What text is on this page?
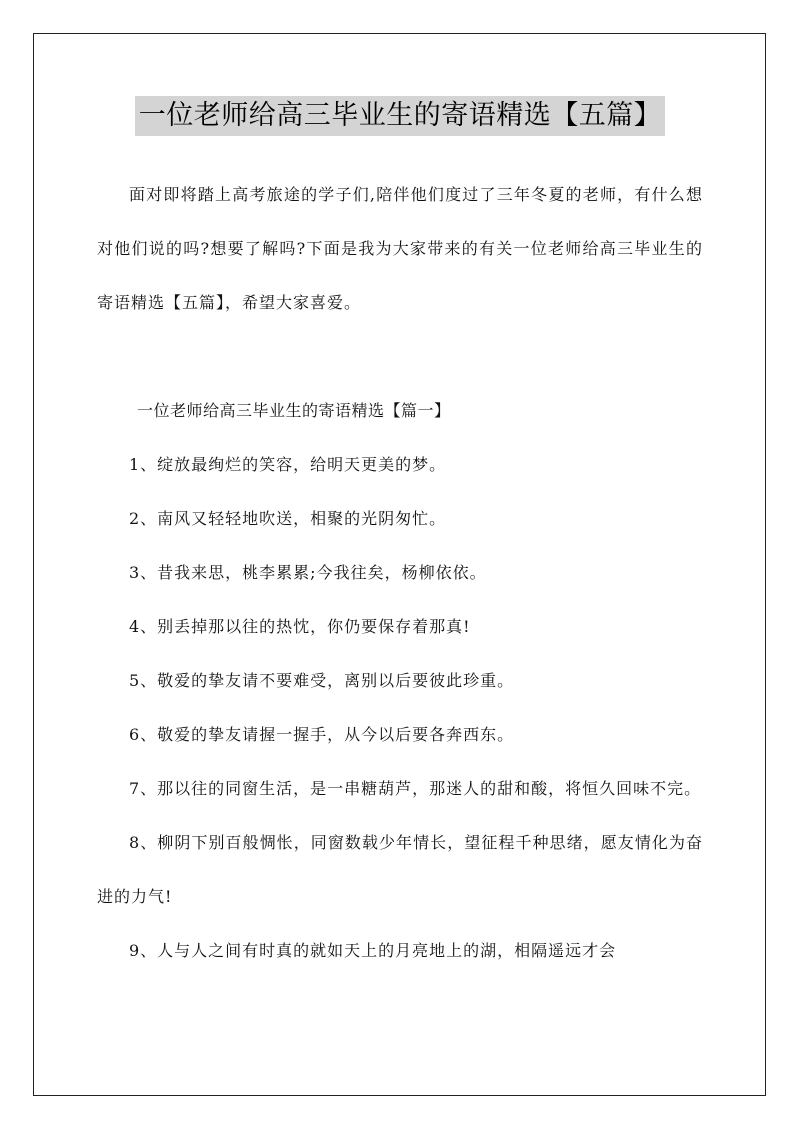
一位老师给高三毕业生的寄语精选【五篇】

面对即将踏上高考旅途的学子们,陪伴他们度过了三年冬夏的老师，有什么想对他们说的吗?想要了解吗?下面是我为大家带来的有关一位老师给高三毕业生的寄语精选【五篇】，希望大家喜爱。

一位老师给高三毕业生的寄语精选【篇一】

1、绽放最绚烂的笑容，给明天更美的梦。

2、南风又轻轻地吹送，相聚的光阴匆忙。

3、昔我来思，桃李累累;今我往矣，杨柳依依。

4、别丢掉那以往的热忱，你仍要保存着那真!

5、敬爱的挚友请不要难受，离别以后要彼此珍重。

6、敬爱的挚友请握一握手，从今以后要各奔西东。

7、那以往的同窗生活，是一串糖葫芦，那迷人的甜和酸，将恒久回味不完。

8、柳阴下别百般惆怅，同窗数载少年情长，望征程千种思绪，愿友情化为奋进的力气!

9、人与人之间有时真的就如天上的月亮地上的湖，相隔遥远才会
